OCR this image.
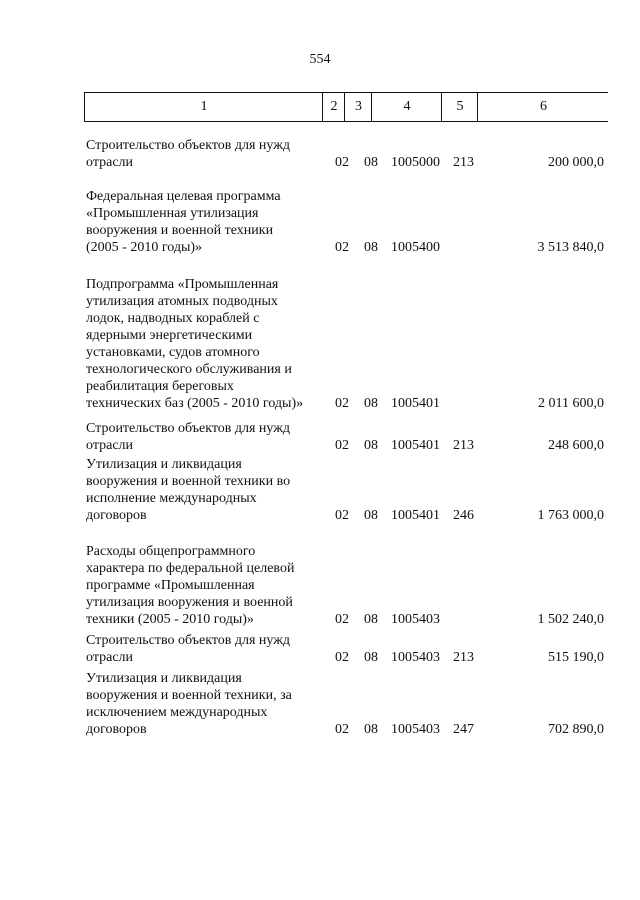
554
1	2	3	4	5	6
Строительство объектов для нужд
отрасли	02 08 1005000 213	200 000,0
Федеральная целевая программа
«Промышленная утилизация
вооружения и военной техники
(2005 - 2010 годы)»	02 08 1005400	3 513 840,0
Подпрограмма «Промышленная
утилизация атомных подводных
лодок, надводных кораблей с
ядерными энергетическими
установками, судов атомного
технологического обслуживания и
реабилитация береговых
технических баз (2005 - 2010 годы)»	02 08 1005401	2 011 600,0
Строительство объектов для нужд
отрасли	02 08 1005401 213	248 600,0
Утилизация и ликвидация
вооружения и военной техники во
исполнение международных
договоров	02 08 1005401 246	1 763 000,0
Расходы общепрограммного
характера по федеральной целевой
программе «Промышленная
утилизация вооружения и военной
техники (2005 - 2010 годы)»	02 08 1005403	1 502 240,0
Строительство объектов для нужд
отрасли	02 08 1005403 213	515 190,0
Утилизация и ликвидация
вооружения и военной техники, за
исключением международных
договоров	02 08 1005403 247	702 890,0
